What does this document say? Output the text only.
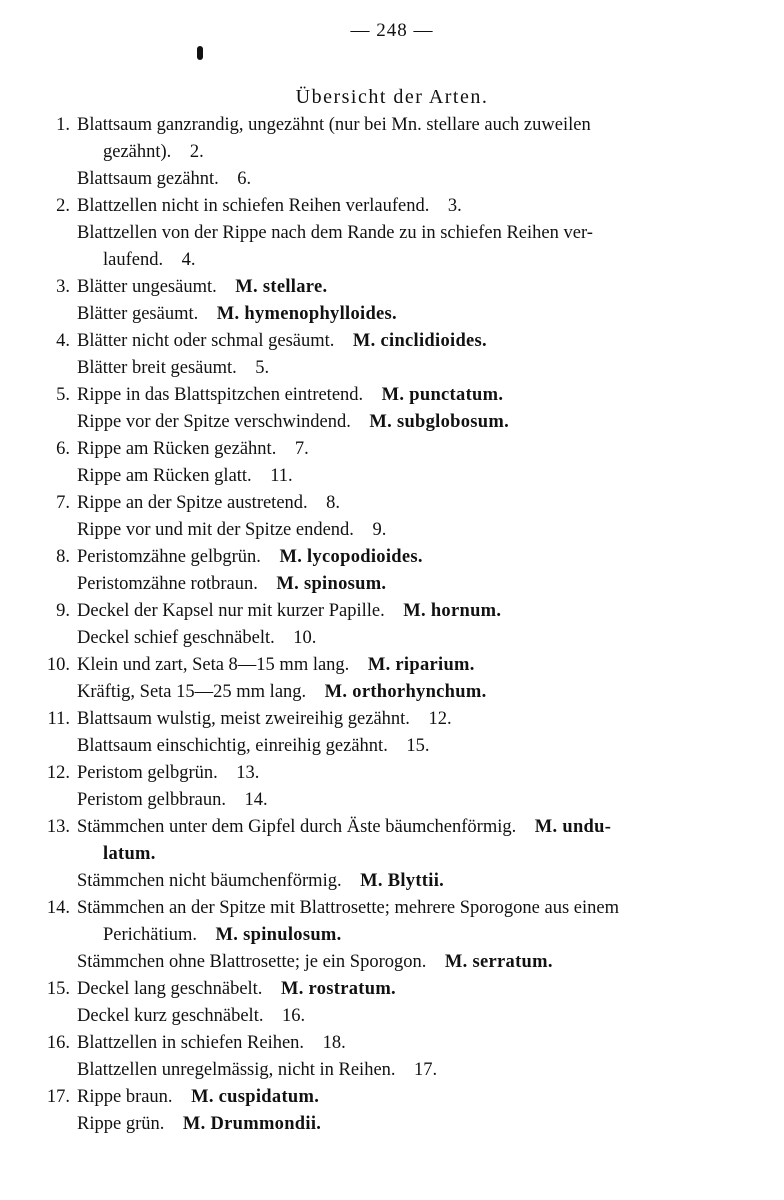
— 248 —
Übersicht der Arten.
1. Blattsaum ganzrandig, ungezähnt (nur bei Mn. stellare auch zuweilen
gezähnt).   2.
Blattsaum gezähnt.   6.
2. Blattzellen nicht in schiefen Reihen verlaufend.   3.
Blattzellen von der Rippe nach dem Rande zu in schiefen Reihen ver-
laufend.   4.
3. Blätter ungesäumt.   M. stellare.
Blätter gesäumt.   M. hymenophylloides.
4. Blätter nicht oder schmal gesäumt.   M. cinclidioides.
Blätter breit gesäumt.   5.
5. Rippe in das Blattspitzchen eintretend.   M. punctatum.
Rippe vor der Spitze verschwindend.   M. subglobosum.
6. Rippe am Rücken gezähnt.   7.
Rippe am Rücken glatt.   11.
7. Rippe an der Spitze austretend.   8.
Rippe vor und mit der Spitze endend.   9.
8. Peristomzähne gelbgrün.   M. lycopodioides.
Peristomzähne rotbraun.   M. spinosum.
9. Deckel der Kapsel nur mit kurzer Papille.   M. hornum.
Deckel schief geschnäbelt.   10.
10. Klein und zart, Seta 8—15 mm lang.   M. riparium.
Kräftig, Seta 15—25 mm lang.   M. orthorhynchum.
11. Blattsaum wulstig, meist zweireihig gezähnt.   12.
Blattsaum einschichtig, einreihig gezähnt.   15.
12. Peristom gelbgrün.   13.
Peristom gelbbraun.   14.
13. Stämmchen unter dem Gipfel durch Äste bäumchenförmig.   M. undu-
latum.
Stämmchen nicht bäumchenförmig.   M. Blyttii.
14. Stämmchen an der Spitze mit Blattrosette; mehrere Sporogone aus einem
Perichätium.   M. spinulosum.
Stämmchen ohne Blattrosette; je ein Sporogon.   M. serratum.
15. Deckel lang geschnäbelt.   M. rostratum.
Deckel kurz geschnäbelt.   16.
16. Blattzellen in schiefen Reihen.   18.
Blattzellen unregelmässig, nicht in Reihen.   17.
17. Rippe braun.   M. cuspidatum.
Rippe grün.   M. Drummondii.
